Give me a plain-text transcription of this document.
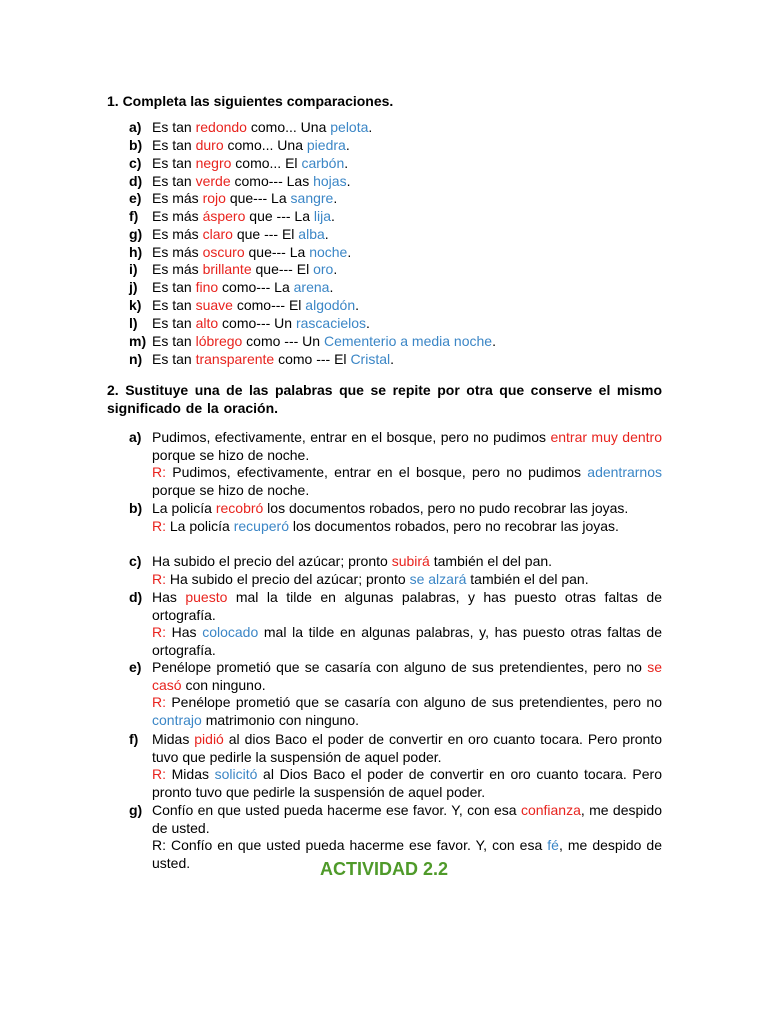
1. Completa las siguientes comparaciones.
a) Es tan redondo como... Una pelota.
b) Es tan duro como... Una piedra.
c) Es tan negro como... El carbón.
d) Es tan verde como--- Las hojas.
e) Es más rojo que--- La sangre.
f) Es más áspero que --- La lija.
g) Es más claro que --- El alba.
h) Es más oscuro que--- La noche.
i)	Es más brillante que--- El oro.
j)	Es tan fino como--- La arena.
k) Es tan suave como--- El algodón.
l)	Es tan alto como--- Un rascacielos.
m) Es tan lóbrego como --- Un Cementerio a media noche.
n) Es tan transparente como --- El Cristal.
2. Sustituye una de las palabras que se repite por otra que conserve el mismo significado de la oración.
a) Pudimos, efectivamente, entrar en el bosque, pero no pudimos entrar muy dentro porque se hizo de noche.
R: Pudimos, efectivamente, entrar en el bosque, pero no pudimos adentrarnos porque se hizo de noche.
b) La policía recobró los documentos robados, pero no pudo recobrar las joyas.
R: La policía recuperó los documentos robados, pero no recobrar las joyas.
c) Ha subido el precio del azúcar; pronto subirá también el del pan.
R: Ha subido el precio del azúcar; pronto se alzará también el del pan.
d) Has puesto mal la tilde en algunas palabras, y has puesto otras faltas de ortografía.
R: Has colocado mal la tilde en algunas palabras, y, has puesto otras faltas de ortografía.
e) Penélope prometió que se casaría con alguno de sus pretendientes, pero no se casó con ninguno.
R: Penélope prometió que se casaría con alguno de sus pretendientes, pero no contrajo matrimonio con ninguno.
f) Midas pidió al dios Baco el poder de convertir en oro cuanto tocara. Pero pronto tuvo que pedirle la suspensión de aquel poder.
R: Midas solicitó al Dios Baco el poder de convertir en oro cuanto tocara. Pero pronto tuvo que pedirle la suspensión de aquel poder.
g) Confío en que usted pueda hacerme ese favor. Y, con esa confianza, me despido de usted.
R: Confío en que usted pueda hacerme ese favor. Y, con esa fé, me despido de usted.	ACTIVIDAD 2.2
